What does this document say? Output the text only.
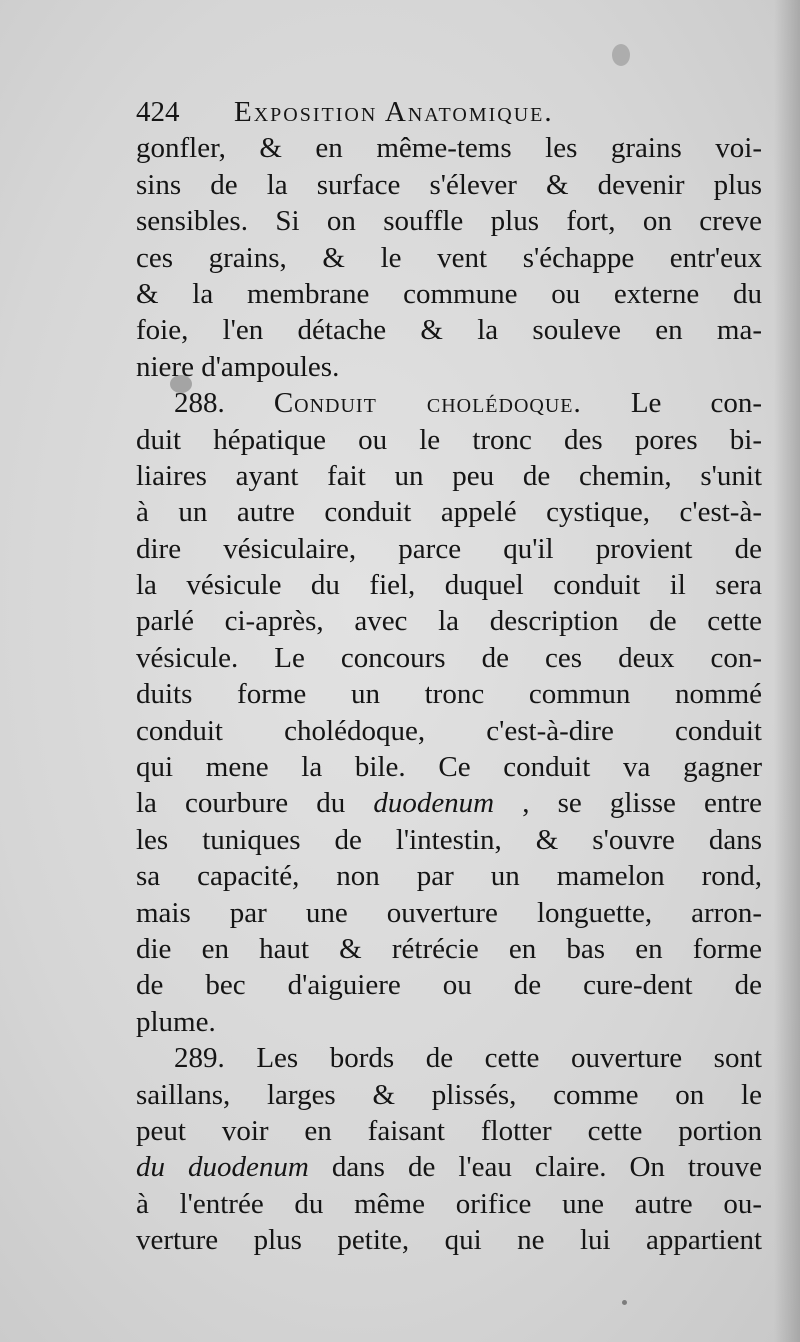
424	Exposition Anatomique.
gonfler, & en même-tems les grains voi-
sins de la surface s'élever & devenir plus
sensibles. Si on souffle plus fort, on creve
ces grains, & le vent s'échappe entr'eux
& la membrane commune ou externe du
foie, l'en détache & la souleve en ma-
niere d'ampoules.
288. Conduit cholédoque. Le con-
duit hépatique ou le tronc des pores bi-
liaires ayant fait un peu de chemin, s'unit
à un autre conduit appelé cystique, c'est-à-
dire vésiculaire, parce qu'il provient de
la vésicule du fiel, duquel conduit il sera
parlé ci-après, avec la description de cette
vésicule. Le concours de ces deux con-
duits forme un tronc commun nommé
conduit cholédoque, c'est-à-dire conduit
qui mene la bile. Ce conduit va gagner
la courbure du duodenum , se glisse entre
les tuniques de l'intestin, & s'ouvre dans
sa capacité, non par un mamelon rond,
mais par une ouverture longuette, arron-
die en haut & rétrécie en bas en forme
de bec d'aiguiere ou de cure-dent de
plume.
289. Les bords de cette ouverture sont
saillans, larges & plissés, comme on le
peut voir en faisant flotter cette portion
du duodenum dans de l'eau claire. On trouve
à l'entrée du même orifice une autre ou-
verture plus petite, qui ne lui appartient
